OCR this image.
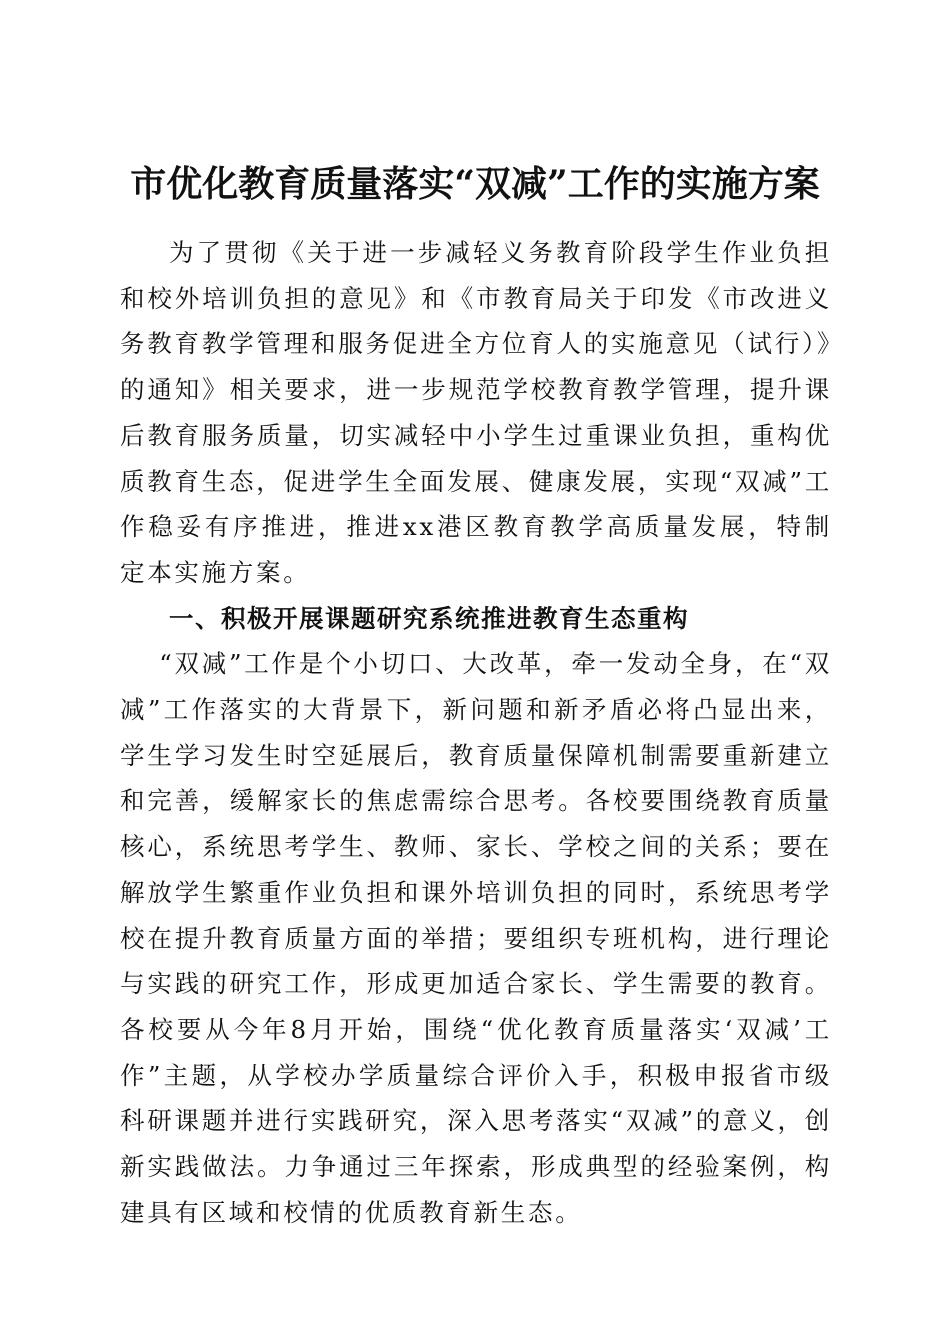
市优化教育质量落实“双减”工作的实施方案

为了贯彻《关于进一步减轻义务教育阶段学生作业负担和校外培训负担的意见》和《市教育局关于印发《市改进义务教育教学管理和服务促进全方位育人的实施意见（试行）》的通知》相关要求，进一步规范学校教育教学管理，提升课后教育服务质量，切实减轻中小学生过重课业负担，重构优质教育生态，促进学生全面发展、健康发展，实现“双减”工作稳妥有序推进，推进xx港区教育教学高质量发展，特制定本实施方案。

一、积极开展课题研究系统推进教育生态重构

“双减”工作是个小切口、大改革，牵一发动全身，在“双减”工作落实的大背景下，新问题和新矛盾必将凸显出来，学生学习发生时空延展后，教育质量保障机制需要重新建立和完善，缓解家长的焦虑需综合思考。各校要围绕教育质量核心，系统思考学生、教师、家长、学校之间的关系；要在解放学生繁重作业负担和课外培训负担的同时，系统思考学校在提升教育质量方面的举措；要组织专班机构，进行理论与实践的研究工作，形成更加适合家长、学生需要的教育。各校要从今年8月开始，围绕“优化教育质量落实‘双减’工作”主题，从学校办学质量综合评价入手，积极申报省市级科研课题并进行实践研究，深入思考落实“双减”的意义，创新实践做法。力争通过三年探索，形成典型的经验案例，构建具有区域和校情的优质教育新生态。
